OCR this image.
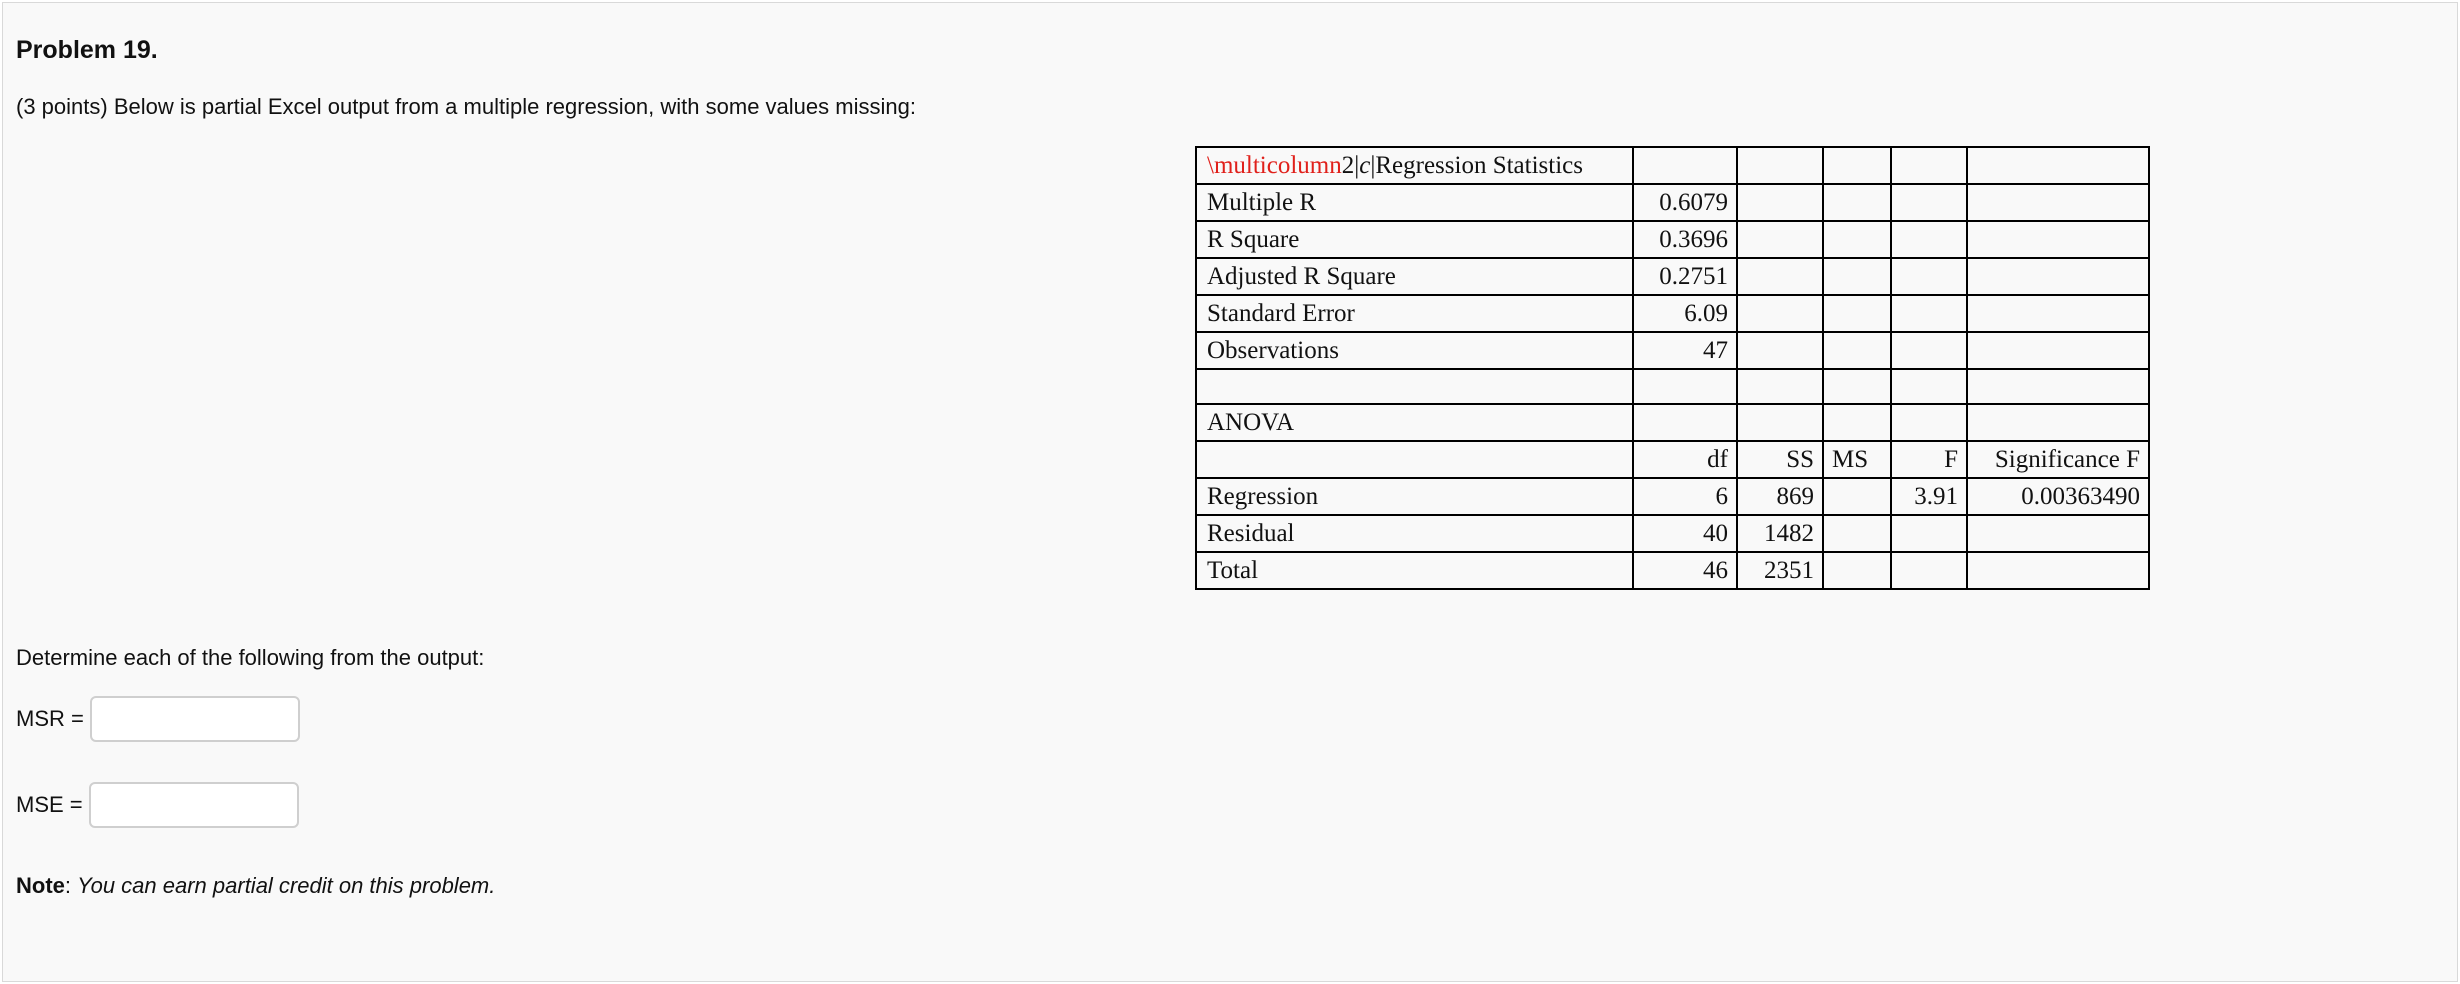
Problem 19.
(3 points) Below is partial Excel output from a multiple regression, with some values missing:
\multicolumn2|c|Regression Statistics					
Multiple R	0.6079				
R Square	0.3696				
Adjusted R Square	0.2751				
Standard Error	6.09				
Observations	47				

ANOVA					
	df	SS	MS	F	Significance F
Regression	6	869		3.91	0.00363490
Residual	40	1482			
Total	46	2351			
Determine each of the following from the output:
MSR =
MSE =
Note: You can earn partial credit on this problem.
